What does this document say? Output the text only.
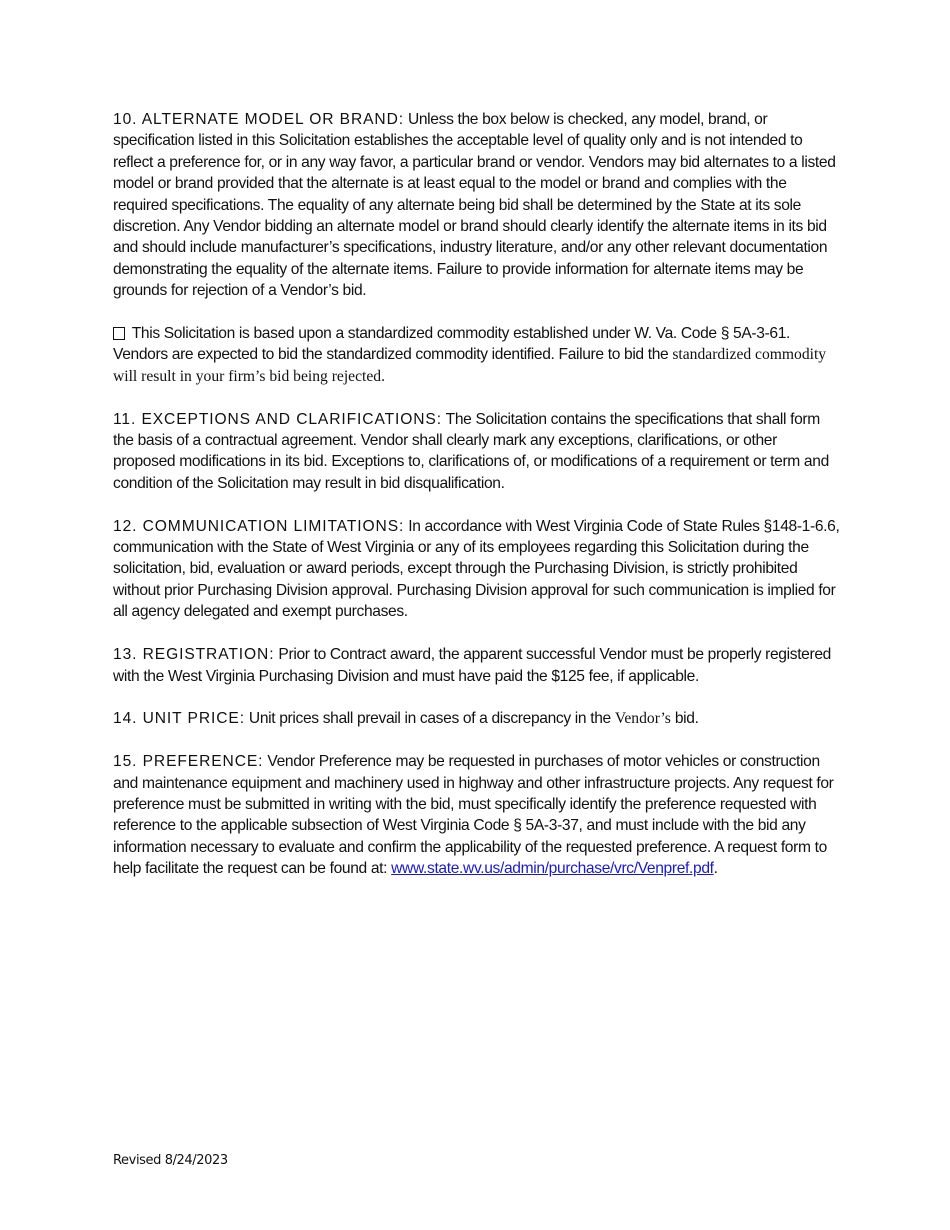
10. ALTERNATE MODEL OR BRAND: Unless the box below is checked, any model, brand, or specification listed in this Solicitation establishes the acceptable level of quality only and is not intended to reflect a preference for, or in any way favor, a particular brand or vendor. Vendors may bid alternates to a listed model or brand provided that the alternate is at least equal to the model or brand and complies with the required specifications. The equality of any alternate being bid shall be determined by the State at its sole discretion. Any Vendor bidding an alternate model or brand should clearly identify the alternate items in its bid and should include manufacturer’s specifications, industry literature, and/or any other relevant documentation demonstrating the equality of the alternate items. Failure to provide information for alternate items may be grounds for rejection of a Vendor’s bid.

This Solicitation is based upon a standardized commodity established under W. Va. Code § 5A-3-61. Vendors are expected to bid the standardized commodity identified. Failure to bid the standardized commodity will result in your firm’s bid being rejected.

11. EXCEPTIONS AND CLARIFICATIONS: The Solicitation contains the specifications that shall form the basis of a contractual agreement. Vendor shall clearly mark any exceptions, clarifications, or other proposed modifications in its bid. Exceptions to, clarifications of, or modifications of a requirement or term and condition of the Solicitation may result in bid disqualification.

12. COMMUNICATION LIMITATIONS: In accordance with West Virginia Code of State Rules §148-1-6.6, communication with the State of West Virginia or any of its employees regarding this Solicitation during the solicitation, bid, evaluation or award periods, except through the Purchasing Division, is strictly prohibited without prior Purchasing Division approval. Purchasing Division approval for such communication is implied for all agency delegated and exempt purchases.

13. REGISTRATION: Prior to Contract award, the apparent successful Vendor must be properly registered with the West Virginia Purchasing Division and must have paid the $125 fee, if applicable.

14. UNIT PRICE: Unit prices shall prevail in cases of a discrepancy in the Vendor’s bid.

15. PREFERENCE: Vendor Preference may be requested in purchases of motor vehicles or construction and maintenance equipment and machinery used in highway and other infrastructure projects. Any request for preference must be submitted in writing with the bid, must specifically identify the preference requested with reference to the applicable subsection of West Virginia Code § 5A-3-37, and must include with the bid any information necessary to evaluate and confirm the applicability of the requested preference. A request form to help facilitate the request can be found at: www.state.wv.us/admin/purchase/vrc/Venpref.pdf.

Revised 8/24/2023
